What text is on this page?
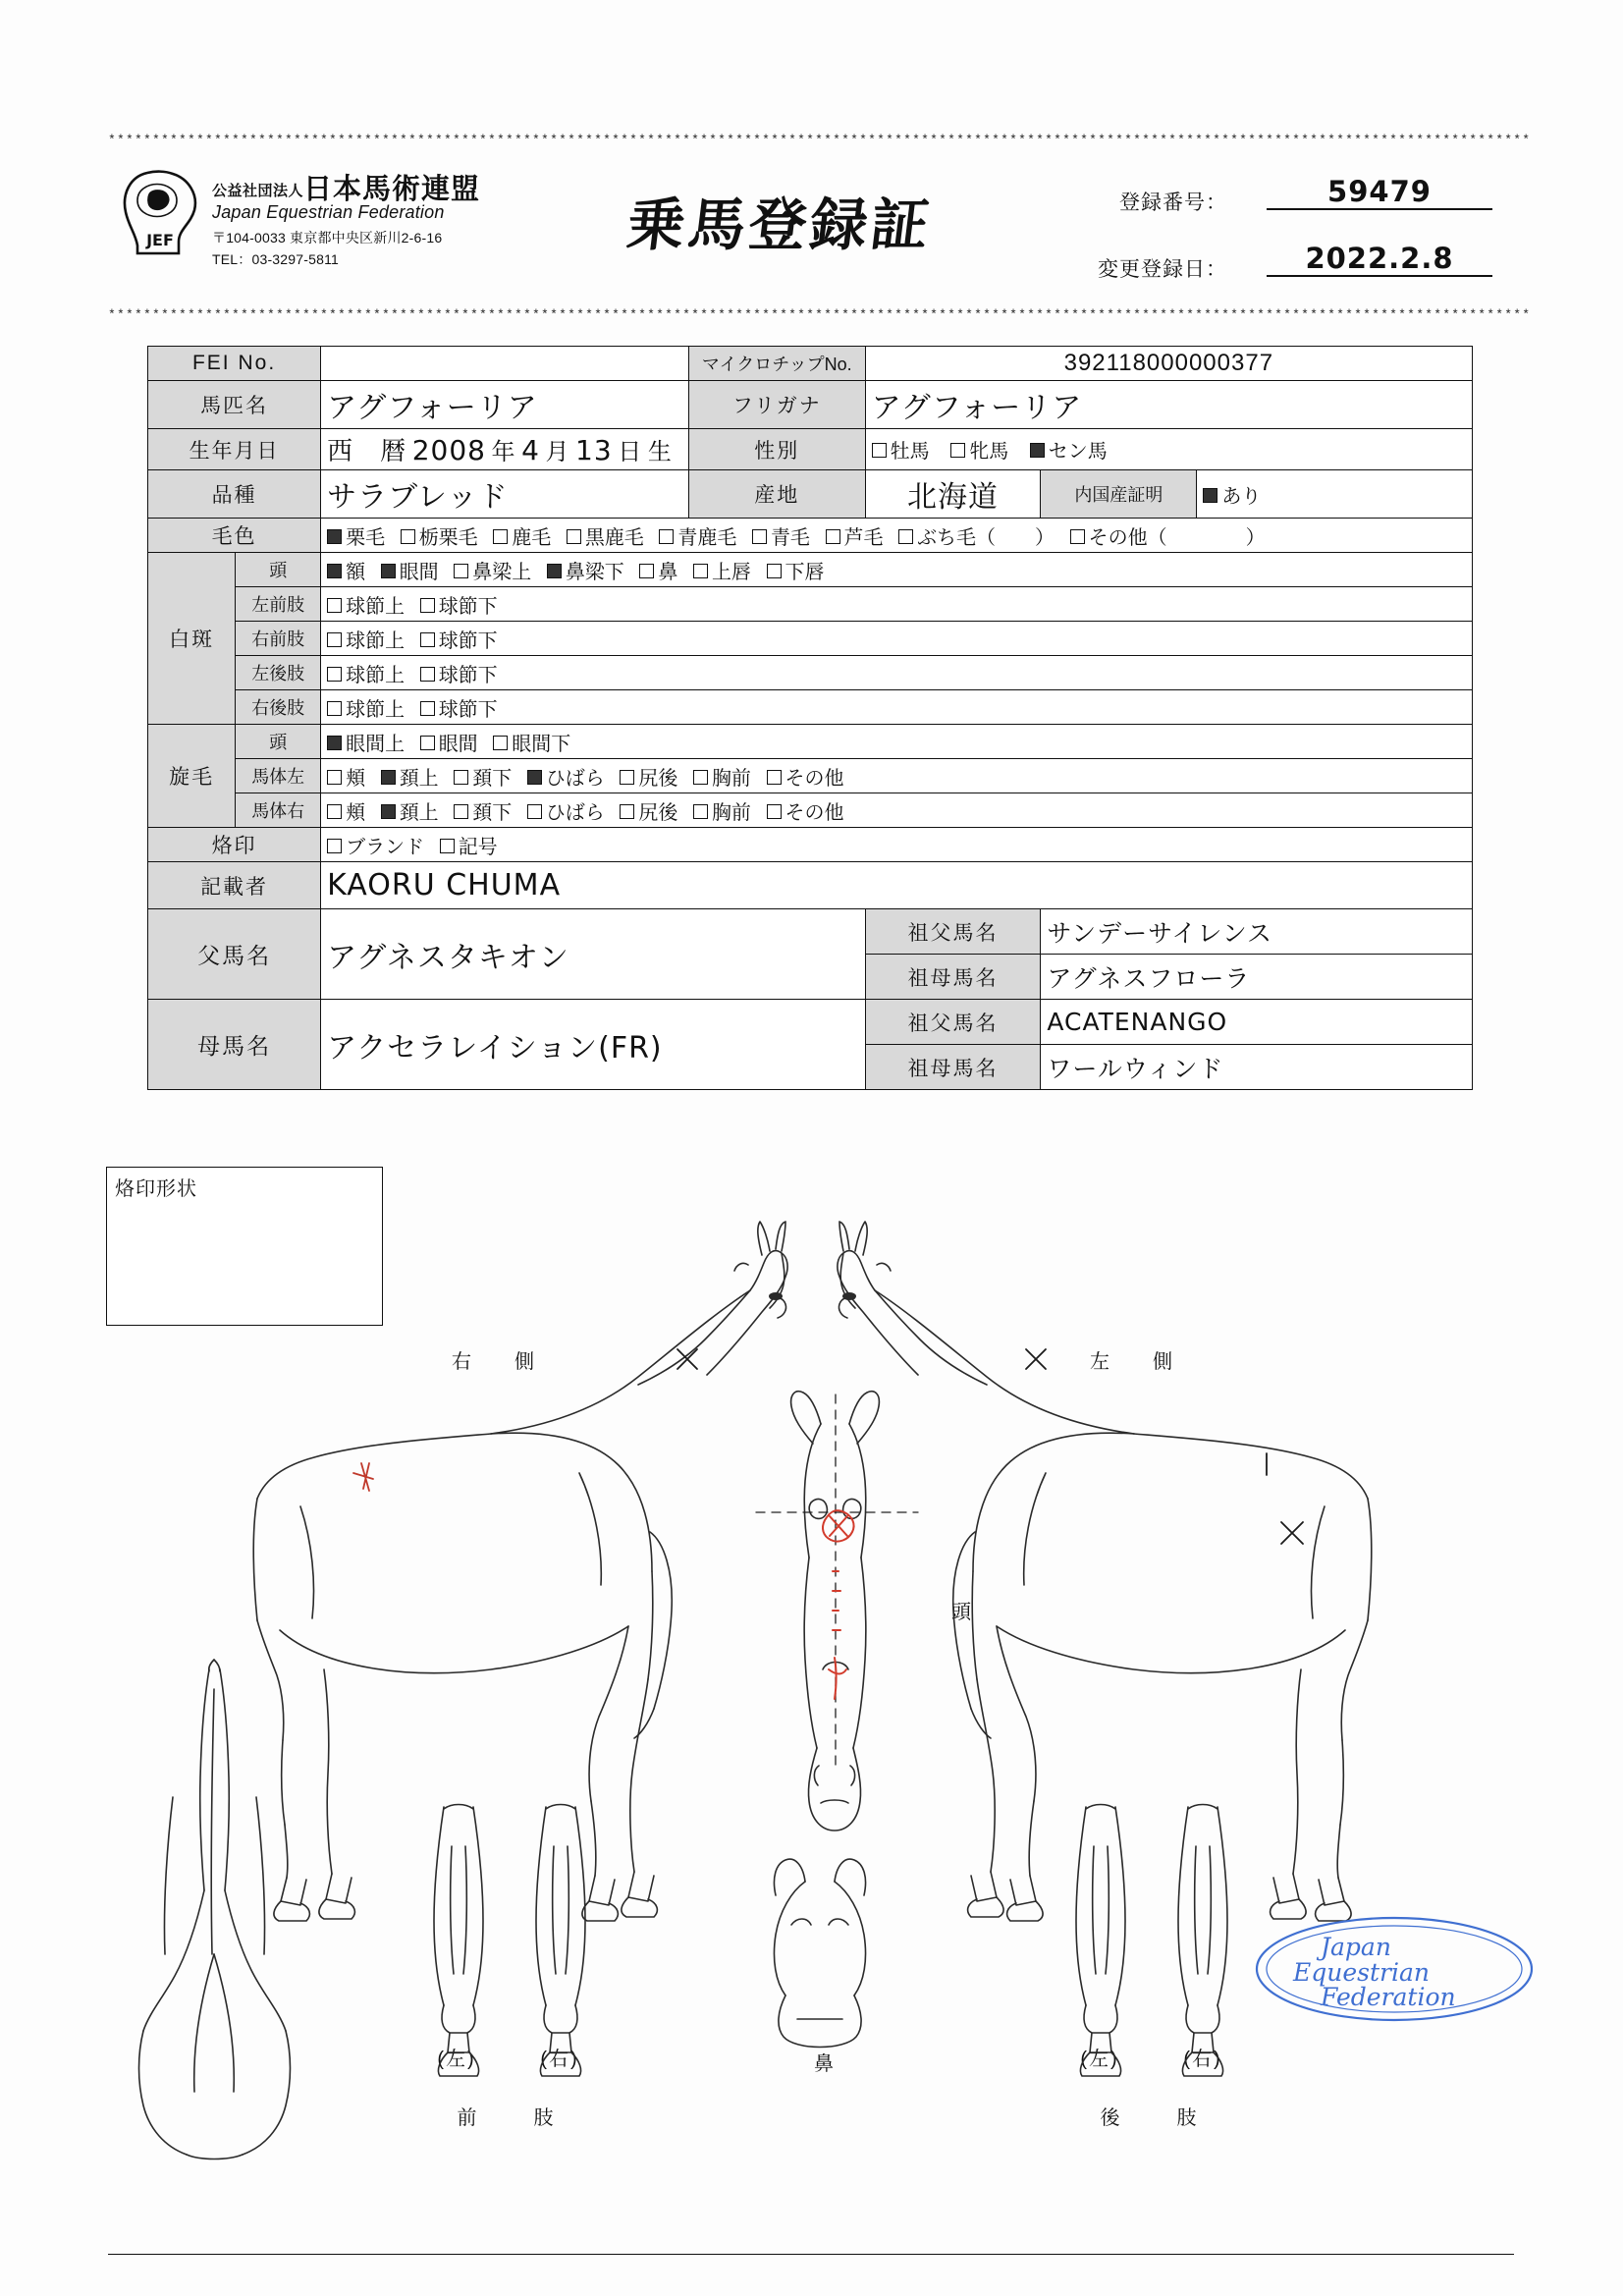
*****************************************************************************************************************************************************************
*****************************************************************************************************************************************************************
JEF
公益社団法人日本馬術連盟
Japan Equestrian Federation
〒104-0033 東京都中央区新川2-6-16
TEL：03-3297-5811
乗馬登録証	登録番号：	59479
変更登録日：	2022.2.8
FEI No.			マイクロチップNo.	392118000000377		
馬匹名		アグフォーリア	フリガナ	アグフォーリア		
生年月日		西　暦 2008 年 4 月 13 日 生	性別	牡馬 牝馬 セン馬		
品種		サラブレッド	産地	北海道	内国産証明	あり
毛色		栗毛 栃栗毛 鹿毛 黒鹿毛 青鹿毛 青毛 芦毛 ぶち毛（　　） その他（　　　　）				
白斑	頭	額 眼間 鼻梁上 鼻梁下 鼻 上唇 下唇				
	左前肢	球節上 球節下				
	右前肢	球節上 球節下				
	左後肢	球節上 球節下				
	右後肢	球節上 球節下				
旋毛	頭	眼間上 眼間 眼間下				
	馬体左	頬 頚上 頚下 ひばら 尻後 胸前 その他				
	馬体右	頬 頚上 頚下 ひばら 尻後 胸前 その他				
烙印		ブランド 記号				
記載者		KAORU CHUMA				
父馬名		アグネスタキオン		祖父馬名	サンデーサイレンス	
				祖母馬名	アグネスフローラ	
母馬名		アクセラレイション(FR)		祖父馬名	ACATENANGO	
				祖母馬名	ワールウィンド	
烙印形状
右　側	左　側
頭
鼻
(左)	(右)
前　　肢
(左)	(右)
後　　肢
Japan
Equestrian
Federation
